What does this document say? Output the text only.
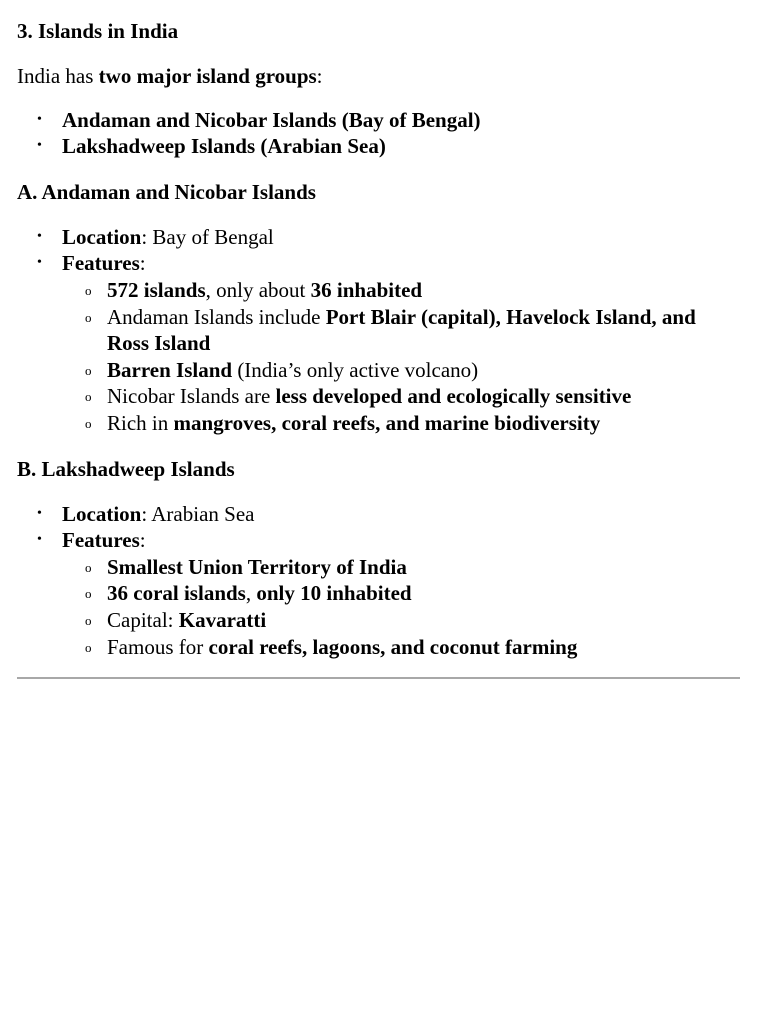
3. Islands in India

India has two major island groups:

• Andaman and Nicobar Islands (Bay of Bengal)
• Lakshadweep Islands (Arabian Sea)
A. Andaman and Nicobar Islands
• Location: Bay of Bengal
• Features:
o 572 islands, only about 36 inhabited
o Andaman Islands include Port Blair (capital), Havelock Island, and Ross Island
o Barren Island (India’s only active volcano)
o Nicobar Islands are less developed and ecologically sensitive
o Rich in mangroves, coral reefs, and marine biodiversity
B. Lakshadweep Islands
• Location: Arabian Sea
• Features:
o Smallest Union Territory of India
o 36 coral islands, only 10 inhabited
o Capital: Kavaratti
o Famous for coral reefs, lagoons, and coconut farming
